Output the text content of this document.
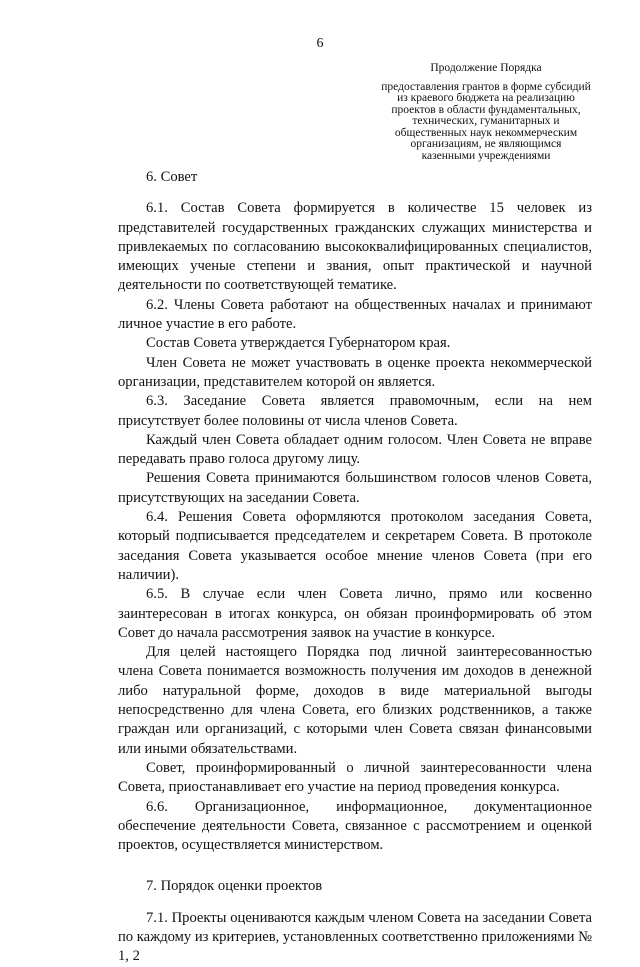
6
Продолжение Порядка
предоставления грантов в форме субсидий
из краевого бюджета на реализацию
проектов в области фундаментальных,
технических, гуманитарных и
общественных наук некоммерческим
организациям, не являющимся
казенными учреждениями

6. Совет

6.1. Состав Совета формируется в количестве 15 человек из представителей государственных гражданских служащих министерства и привлекаемых по согласованию высококвалифицированных специалистов, имеющих ученые степени и звания, опыт практической и научной деятельности по соответствующей тематике.

6.2. Члены Совета работают на общественных началах и принимают личное участие в его работе.

Состав Совета утверждается Губернатором края.

Член Совета не может участвовать в оценке проекта некоммерческой организации, представителем которой он является.

6.3. Заседание Совета является правомочным, если на нем присутствует более половины от числа членов Совета.

Каждый член Совета обладает одним голосом. Член Совета не вправе передавать право голоса другому лицу.

Решения Совета принимаются большинством голосов членов Совета, присутствующих на заседании Совета.

6.4. Решения Совета оформляются протоколом заседания Совета, который подписывается председателем и секретарем Совета. В протоколе заседания Совета указывается особое мнение членов Совета (при его наличии).

6.5. В случае если член Совета лично, прямо или косвенно заинтересован в итогах конкурса, он обязан проинформировать об этом Совет до начала рассмотрения заявок на участие в конкурсе.

Для целей настоящего Порядка под личной заинтересованностью члена Совета понимается возможность получения им доходов в денежной либо натуральной форме, доходов в виде материальной выгоды непосредственно для члена Совета, его близких родственников, а также граждан или организаций, с которыми член Совета связан финансовыми или иными обязательствами.

Совет, проинформированный о личной заинтересованности члена Совета, приостанавливает его участие на период проведения конкурса.

6.6. Организационное, информационное, документационное обеспечение деятельности Совета, связанное с рассмотрением и оценкой проектов, осуществляется министерством.

7. Порядок оценки проектов

7.1. Проекты оцениваются каждым членом Совета на заседании Совета по каждому из критериев, установленных соответственно приложениями № 1, 2
